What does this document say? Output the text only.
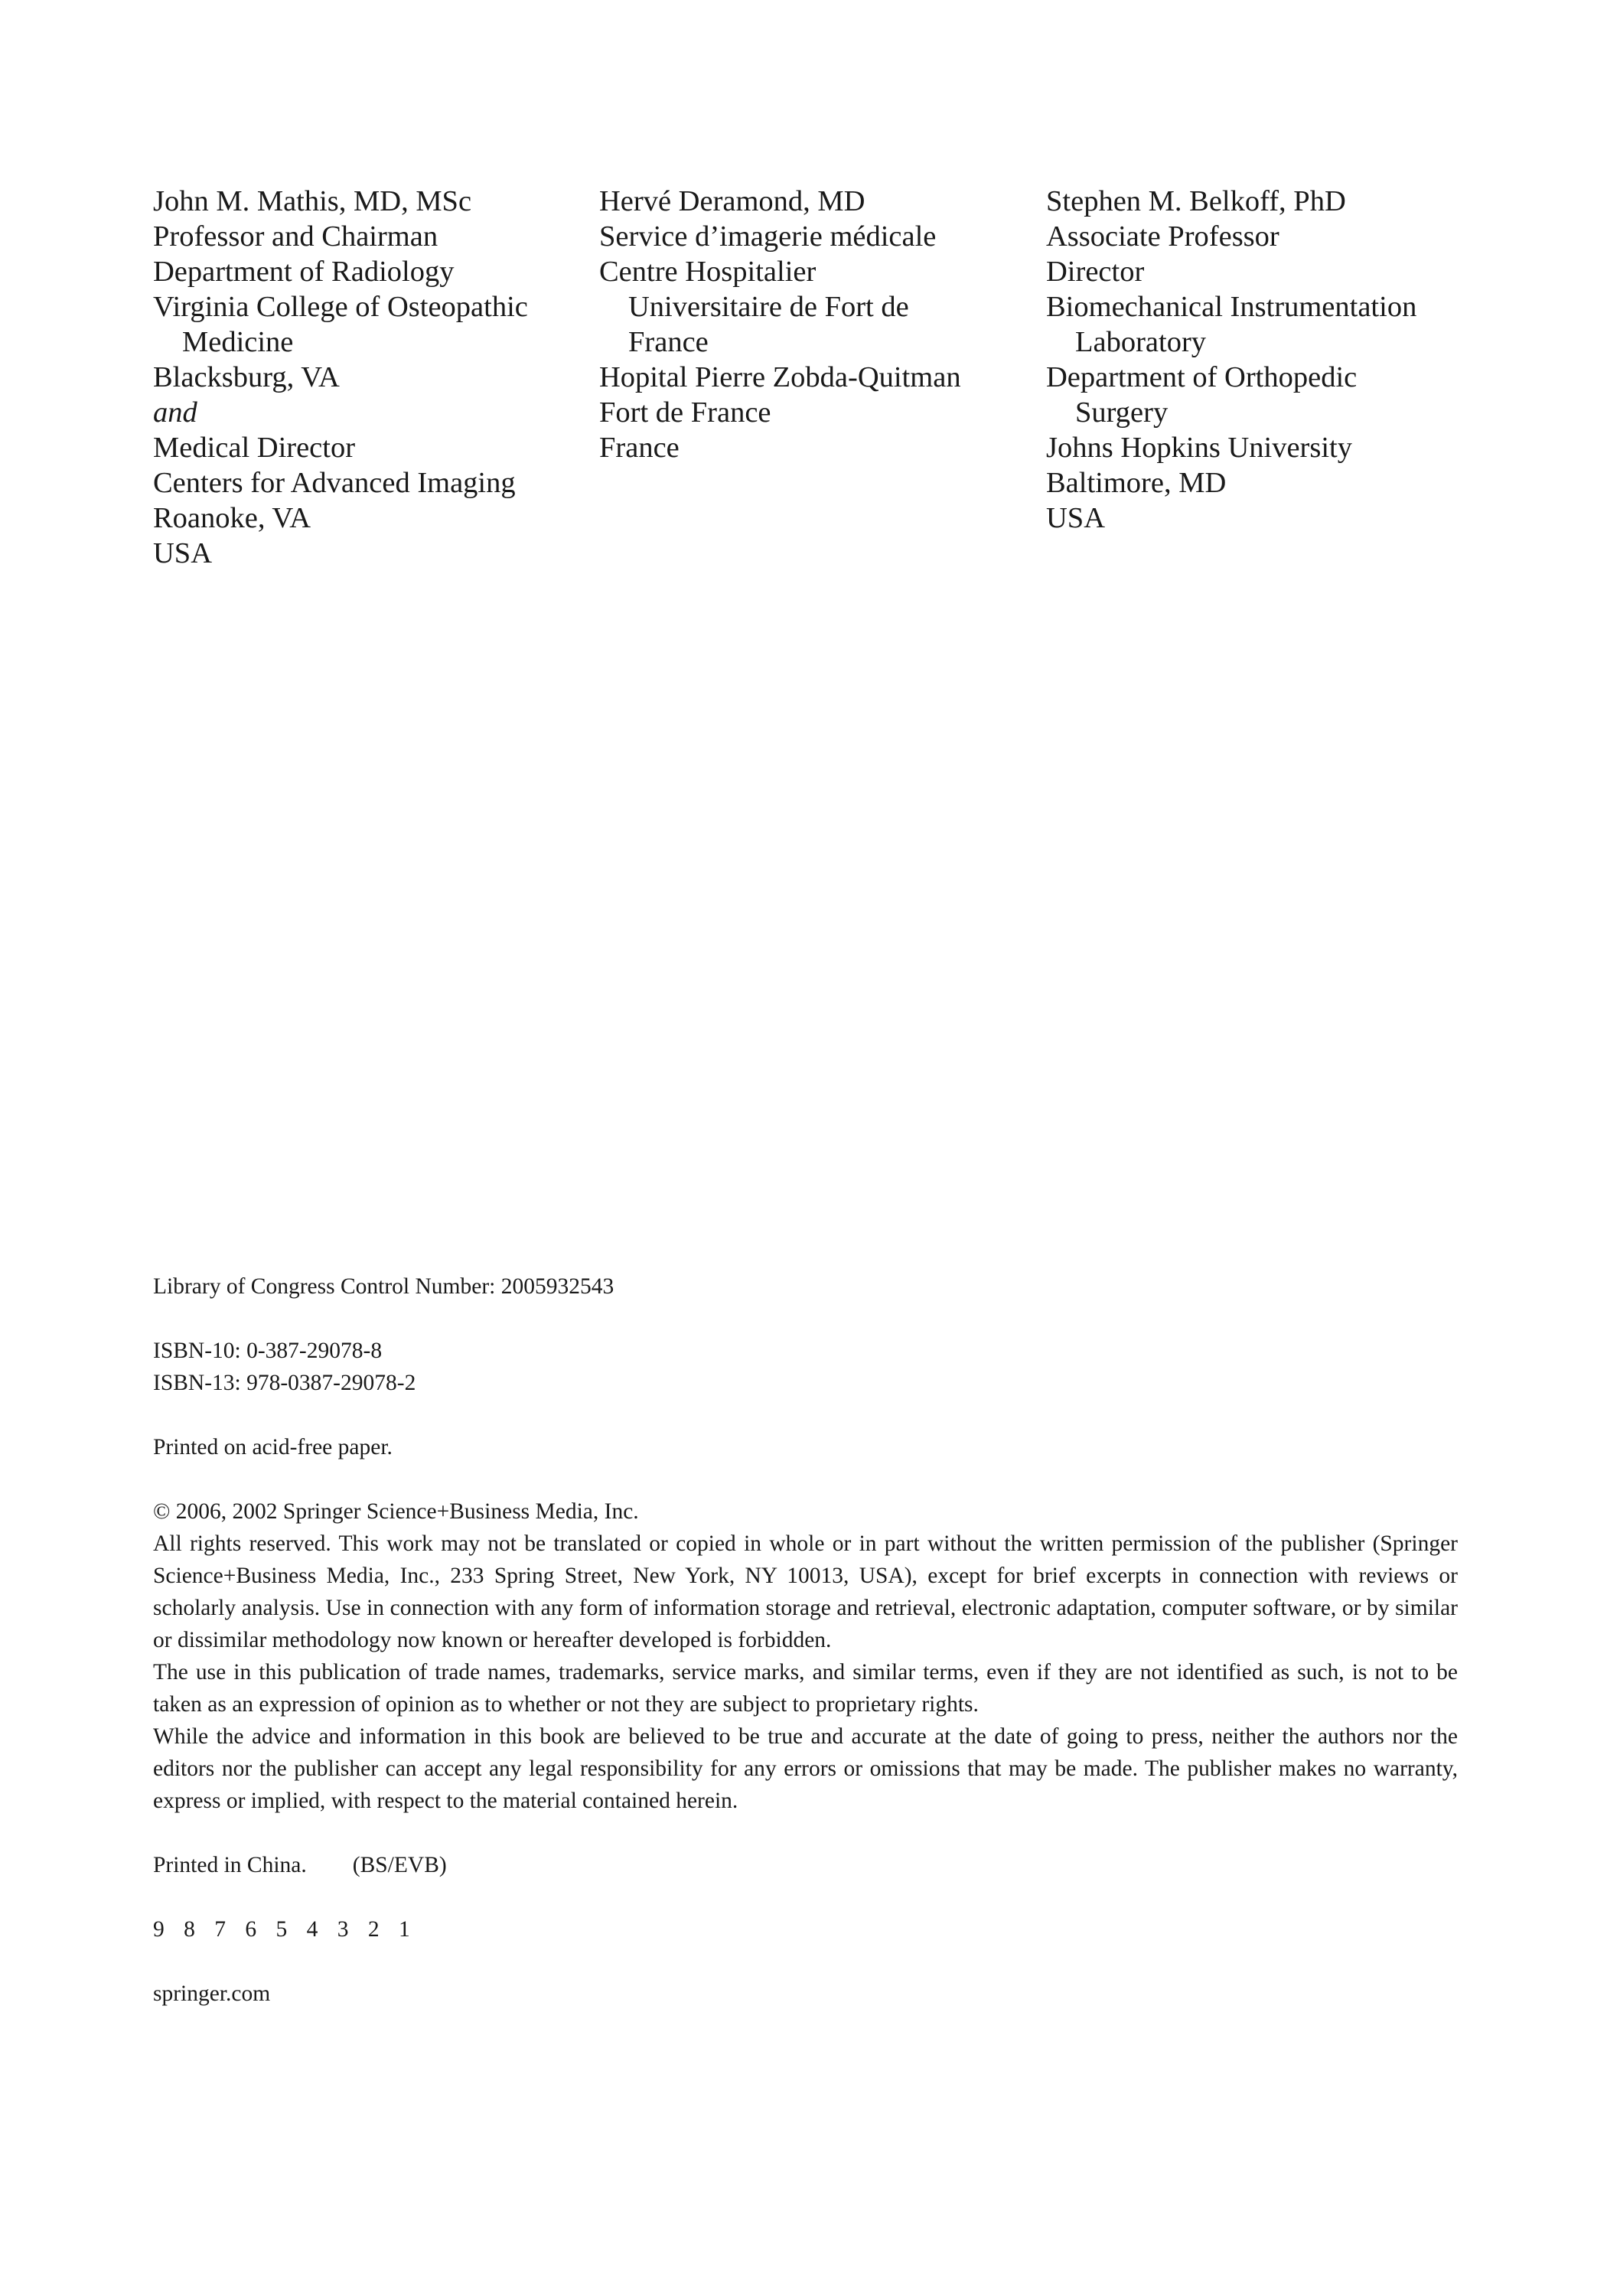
John M. Mathis, MD, MSc
Professor and Chairman
Department of Radiology
Virginia College of Osteopathic
Medicine
Blacksburg, VA
and
Medical Director
Centers for Advanced Imaging
Roanoke, VA
USA
Hervé Deramond, MD
Service d’imagerie médicale
Centre Hospitalier
Universitaire de Fort de
France
Hopital Pierre Zobda-Quitman
Fort de France
France
Stephen M. Belkoff, PhD
Associate Professor
Director
Biomechanical Instrumentation
Laboratory
Department of Orthopedic
Surgery
Johns Hopkins University
Baltimore, MD
USA

Library of Congress Control Number: 2005932543

ISBN-10: 0-387-29078-8

ISBN-13: 978-0387-29078-2

Printed on acid-free paper.

© 2006, 2002 Springer Science+Business Media, Inc.

All rights reserved. This work may not be translated or copied in whole or in part without the written permission of the publisher (Springer Science+Business Media, Inc., 233 Spring Street, New York, NY 10013, USA), except for brief excerpts in connection with reviews or scholarly analysis. Use in connection with any form of information storage and retrieval, electronic adaptation, computer software, or by similar or dissimilar methodology now known or hereafter developed is forbidden.

The use in this publication of trade names, trademarks, service marks, and similar terms, even if they are not identified as such, is not to be taken as an expression of opinion as to whether or not they are subject to proprietary rights.

While the advice and information in this book are believed to be true and accurate at the date of going to press, neither the authors nor the editors nor the publisher can accept any legal responsibility for any errors or omissions that may be made. The publisher makes no warranty, express or implied, with respect to the material contained herein.

Printed in China. (BS/EVB)

9 8 7 6 5 4 3 2 1

springer.com
